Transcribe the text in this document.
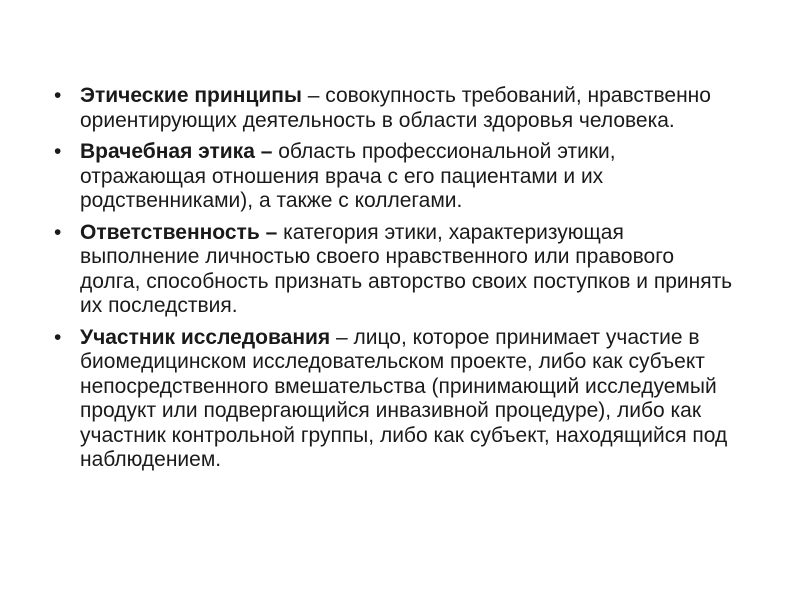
• Этические принципы – совокупность требований, нравственно ориентирующих деятельность в области здоровья человека.
• Врачебная этика – область профессиональной этики, отражающая отношения врача с его пациентами и их родственниками), а также с коллегами.
• Ответственность – категория этики, характеризующая выполнение личностью своего нравственного или правового долга, способность признать авторство своих поступков и принять их последствия.
• Участник исследования – лицо, которое принимает участие в биомедицинском исследовательском проекте, либо как субъект непосредственного вмешательства (принимающий исследуемый продукт или подвергающийся инвазивной процедуре), либо как участник контрольной группы, либо как субъект, находящийся под наблюдением.
